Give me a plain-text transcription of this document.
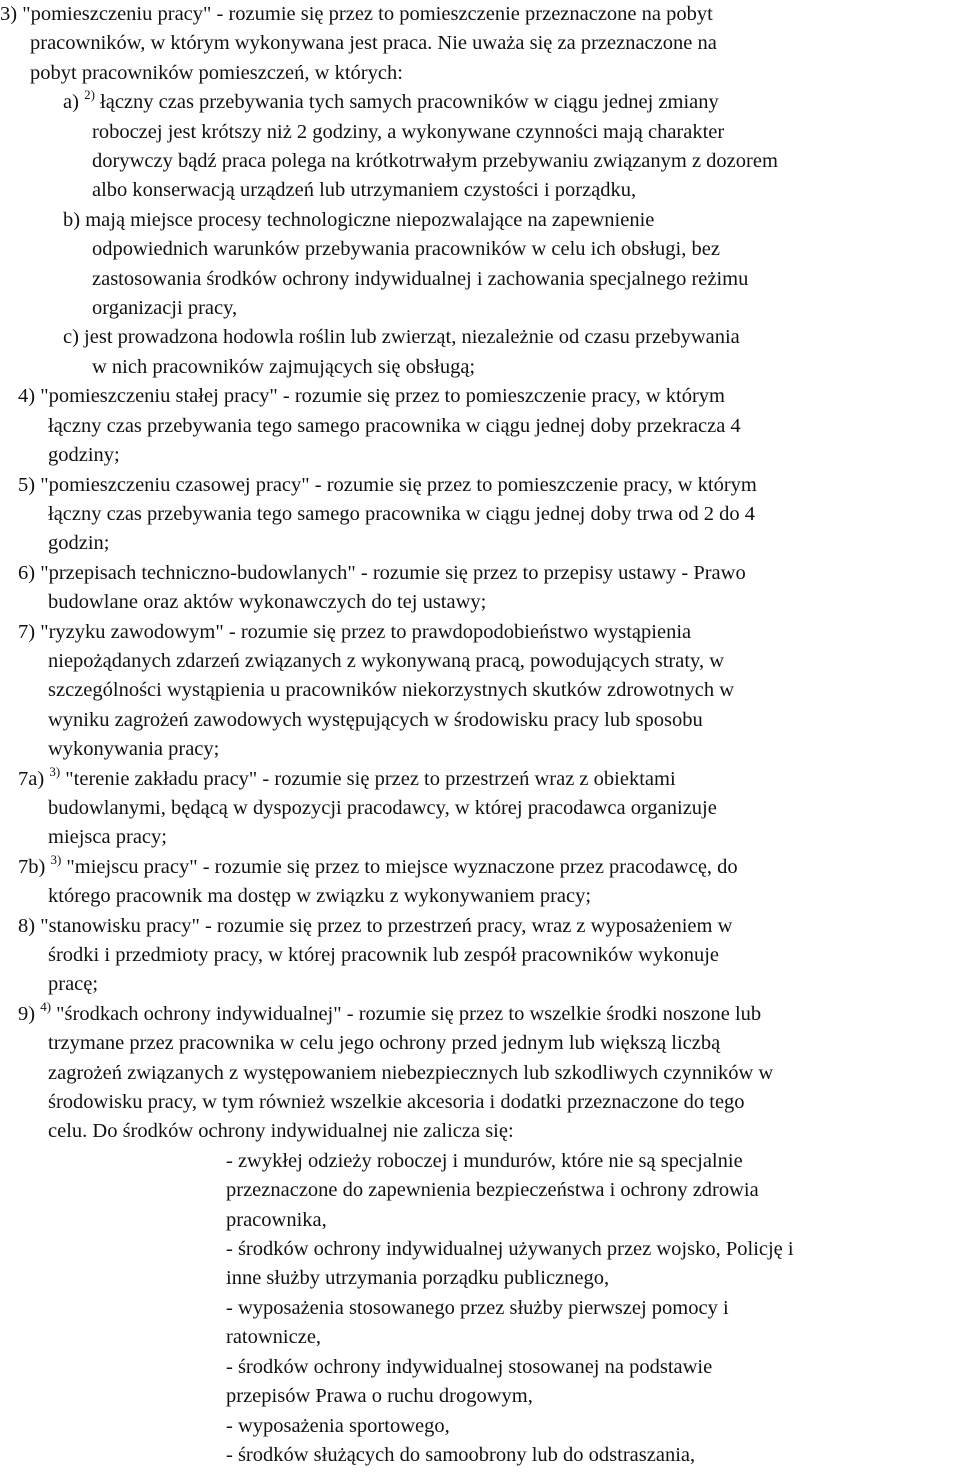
3) "pomieszczeniu pracy" - rozumie się przez to pomieszczenie przeznaczone na pobyt
pracowników, w którym wykonywana jest praca. Nie uważa się za przeznaczone na
pobyt pracowników pomieszczeń, w których:
a) $^{2)}$ łączny czas przebywania tych samych pracowników w ciągu jednej zmiany
roboczej jest krótszy niż 2 godziny, a wykonywane czynności mają charakter
dorywczy bądź praca polega na krótkotrwałym przebywaniu związanym z dozorem
albo konserwacją urządzeń lub utrzymaniem czystości i porządku,
b) mają miejsce procesy technologiczne niepozwalające na zapewnienie
odpowiednich warunków przebywania pracowników w celu ich obsługi, bez
zastosowania środków ochrony indywidualnej i zachowania specjalnego reżimu
organizacji pracy,
c) jest prowadzona hodowla roślin lub zwierząt, niezależnie od czasu przebywania
w nich pracowników zajmujących się obsługą;
4) "pomieszczeniu stałej pracy" - rozumie się przez to pomieszczenie pracy, w którym
łączny czas przebywania tego samego pracownika w ciągu jednej doby przekracza 4
godziny;
5) "pomieszczeniu czasowej pracy" - rozumie się przez to pomieszczenie pracy, w którym
łączny czas przebywania tego samego pracownika w ciągu jednej doby trwa od 2 do 4
godzin;
6) "przepisach techniczno-budowlanych" - rozumie się przez to przepisy ustawy - Prawo
budowlane oraz aktów wykonawczych do tej ustawy;
7) "ryzyku zawodowym" - rozumie się przez to prawdopodobieństwo wystąpienia
niepożądanych zdarzeń związanych z wykonywaną pracą, powodujących straty, w
szczególności wystąpienia u pracowników niekorzystnych skutków zdrowotnych w
wyniku zagrożeń zawodowych występujących w środowisku pracy lub sposobu
wykonywania pracy;
7a) $^{3)}$ "terenie zakładu pracy" - rozumie się przez to przestrzeń wraz z obiektami
budowlanymi, będącą w dyspozycji pracodawcy, w której pracodawca organizuje
miejsca pracy;
7b) $^{3)}$ "miejscu pracy" - rozumie się przez to miejsce wyznaczone przez pracodawcę, do
którego pracownik ma dostęp w związku z wykonywaniem pracy;
8) "stanowisku pracy" - rozumie się przez to przestrzeń pracy, wraz z wyposażeniem w
środki i przedmioty pracy, w której pracownik lub zespół pracowników wykonuje
pracę;
9) $^{4)}$ "środkach ochrony indywidualnej" - rozumie się przez to wszelkie środki noszone lub
trzymane przez pracownika w celu jego ochrony przed jednym lub większą liczbą
zagrożeń związanych z występowaniem niebezpiecznych lub szkodliwych czynników w
środowisku pracy, w tym również wszelkie akcesoria i dodatki przeznaczone do tego
celu. Do środków ochrony indywidualnej nie zalicza się:
- zwykłej odzieży roboczej i mundurów, które nie są specjalnie
przeznaczone do zapewnienia bezpieczeństwa i ochrony zdrowia
pracownika,
- środków ochrony indywidualnej używanych przez wojsko, Policję i
inne służby utrzymania porządku publicznego,
- wyposażenia stosowanego przez służby pierwszej pomocy i
ratownicze,
- środków ochrony indywidualnej stosowanej na podstawie
przepisów Prawa o ruchu drogowym,
- wyposażenia sportowego,
- środków służących do samoobrony lub do odstraszania,
